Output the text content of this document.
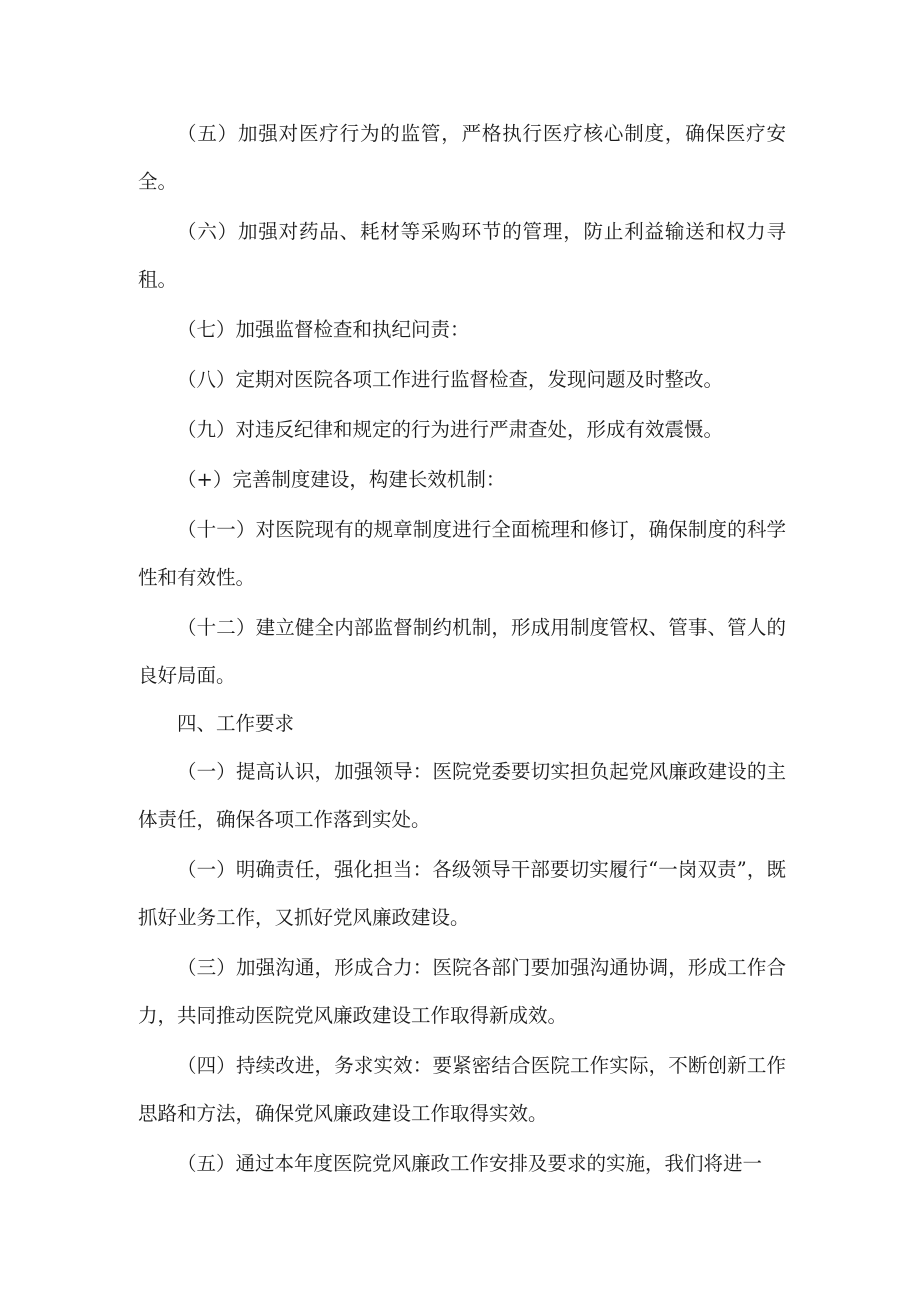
（五）加强对医疗行为的监管，严格执行医疗核心制度，确保医疗安全。

（六）加强对药品、耗材等采购环节的管理，防止利益输送和权力寻租。

（七）加强监督检查和执纪问责：

（八）定期对医院各项工作进行监督检查，发现问题及时整改。

（九）对违反纪律和规定的行为进行严肃查处，形成有效震慑。

（+）完善制度建设，构建长效机制：

（十一）对医院现有的规章制度进行全面梳理和修订，确保制度的科学性和有效性。

（十二）建立健全内部监督制约机制，形成用制度管权、管事、管人的良好局面。

四、工作要求

（一）提高认识，加强领导：医院党委要切实担负起党风廉政建设的主体责任，确保各项工作落到实处。

（一）明确责任，强化担当：各级领导干部要切实履行“一岗双责”，既抓好业务工作，又抓好党风廉政建设。

（三）加强沟通，形成合力：医院各部门要加强沟通协调，形成工作合力，共同推动医院党风廉政建设工作取得新成效。

（四）持续改进，务求实效：要紧密结合医院工作实际，不断创新工作思路和方法，确保党风廉政建设工作取得实效。

（五）通过本年度医院党风廉政工作安排及要求的实施，我们将进一
